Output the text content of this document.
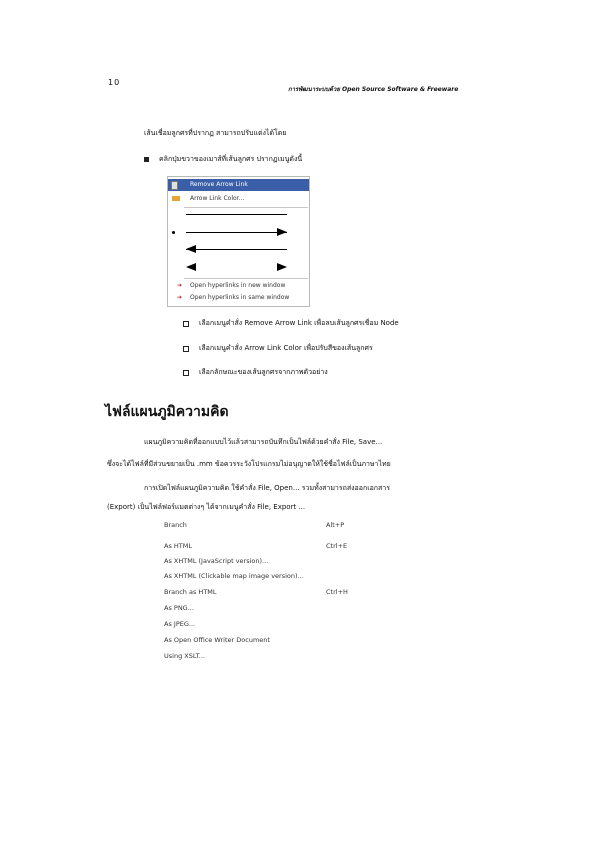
10
การพัฒนาระบบด้วย Open Source Software & Freeware
เส้นเชื่อมลูกศรที่ปรากฏ สามารถปรับแต่งได้โดย
คลิกปุ่มขวาของเมาส์ที่เส้นลูกศร ปรากฏเมนูดังนี้
Remove Arrow Link
Arrow Link Color...
➔ Open hyperlinks in new window
➔ Open hyperlinks in same window
เลือกเมนูคำสั่ง Remove Arrow Link เพื่อลบเส้นลูกศรเชื่อม Node
เลือกเมนูคำสั่ง Arrow Link Color เพื่อปรับสีของเส้นลูกศร
เลือกลักษณะของเส้นลูกศรจากภาพตัวอย่าง
ไฟล์แผนภูมิความคิด
แผนภูมิความคิดที่ออกแบบไว้แล้วสามารถบันทึกเป็นไฟล์ด้วยคำสั่ง File, Save...
ซึ่งจะได้ไฟล์ที่มีส่วนขยายเป็น .mm ข้อควรระวังโปรแกรมไม่อนุญาตให้ใช้ชื่อไฟล์เป็นภาษาไทย
การเปิดไฟล์แผนภูมิความคิด ใช้คำสั่ง File, Open... รวมทั้งสามารถส่งออกเอกสาร
(Export) เป็นไฟล์ฟอร์แมตต่างๆ ได้จากเมนูคำสั่ง File, Export ...
Branch	Alt+P
As HTML	Ctrl+E
As XHTML (JavaScript version)...
As XHTML (Clickable map image version)...
Branch as HTML	Ctrl+H
As PNG...
As JPEG...
As Open Office Writer Document
Using XSLT...
